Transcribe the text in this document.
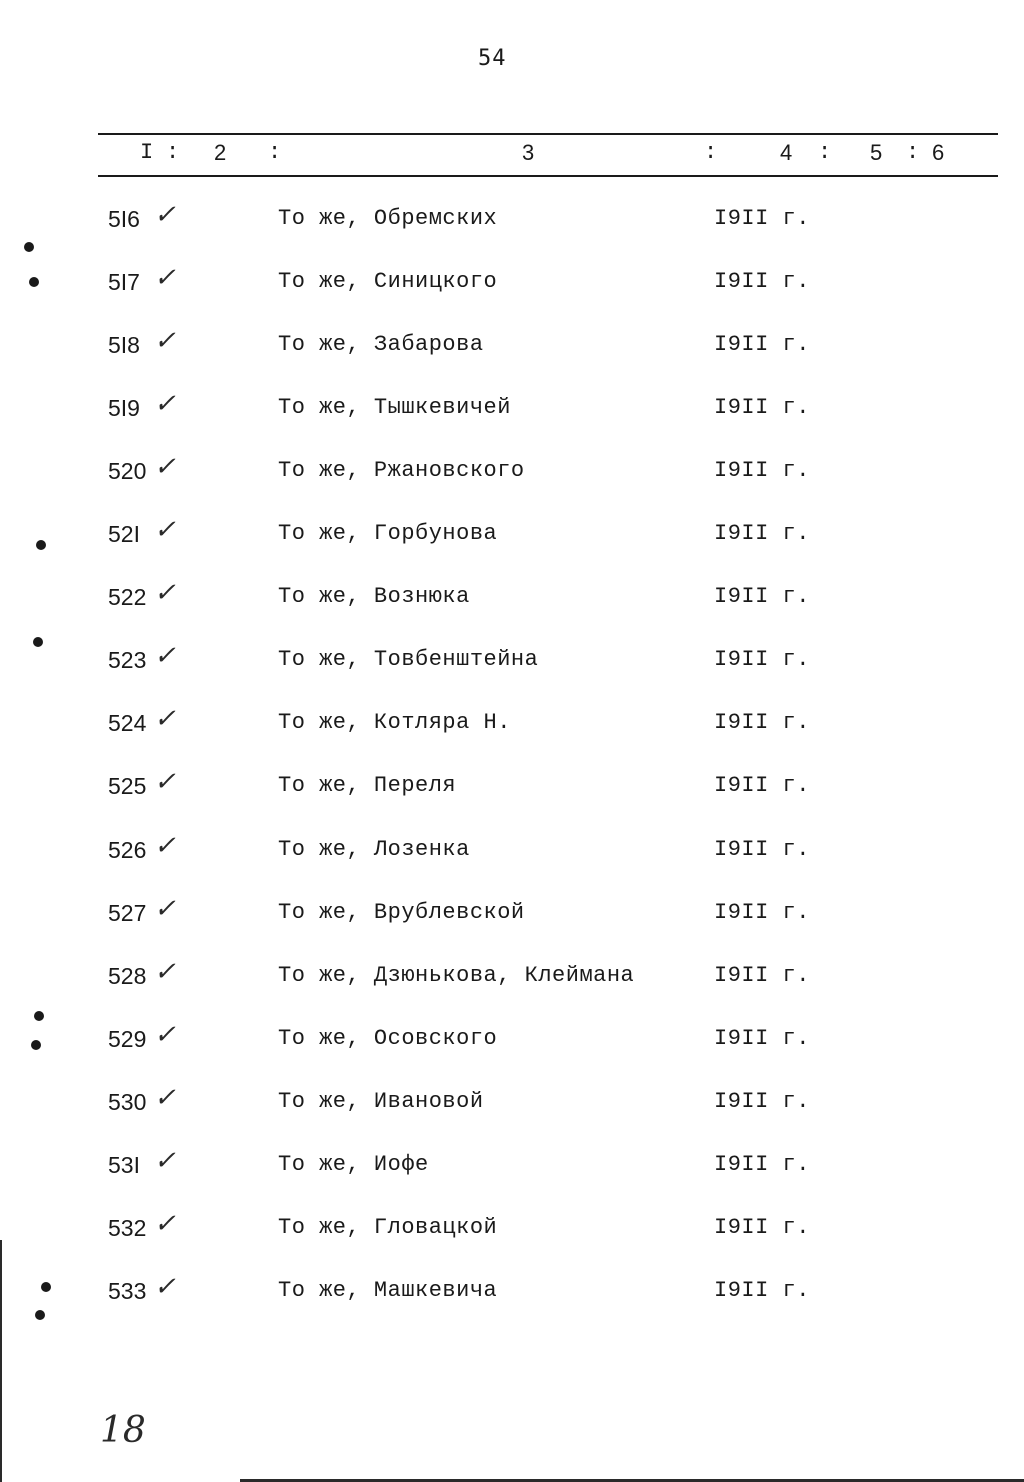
54
I : 2 :	3	:	4 : 5 : 6
5I6 ✓	То же, Обремских	I9II г.
5I7 ✓	То же, Синицкого	I9II г.
5I8 ✓	То же, Забарова	I9II г.
5I9 ✓	То же, Тышкевичей	I9II г.
520 ✓	То же, Ржановского	I9II г.
52I ✓	То же, Горбунова	I9II г.
522 ✓	То же, Вознюка	I9II г.
523 ✓	То же, Товбенштейна	I9II г.
524 ✓	То же, Котляра Н.	I9II г.
525 ✓	То же, Переля	I9II г.
526 ✓	То же, Лозенка	I9II г.
527 ✓	То же, Врублевской	I9II г.
528 ✓	То же, Дзюнькова, Клеймана	I9II г.
529 ✓	То же, Осовского	I9II г.
530 ✓	То же, Ивановой	I9II г.
53I ✓	То же, Иофе	I9II г.
532 ✓	То же, Гловацкой	I9II г.
533 ✓	То же, Машкевича	I9II г.
18
